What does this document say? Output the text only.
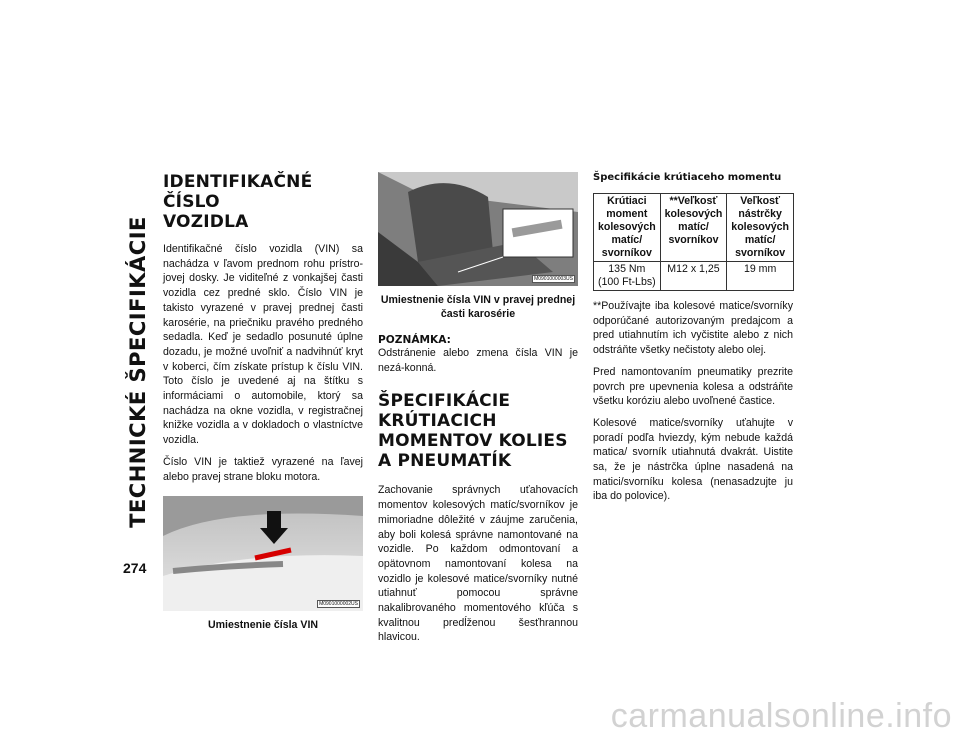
TECHNICKÉ ŠPECIFIKÁCIE
274
IDENTIFIKAČNÉ ČÍSLO
VOZIDLA

Identifikačné číslo vozidla (VIN) sa nachádza v ľavom prednom rohu prístro-jovej dosky. Je viditeľné z vonkajšej časti vozidla cez predné sklo. Číslo VIN je takisto vyrazené v pravej prednej časti karosérie, na priečniku pravého predného sedadla. Keď je sedadlo posunuté úplne dozadu, je možné uvoľniť a nadvihnúť kryt v koberci, čím získate prístup k číslu VIN. Toto číslo je uvedené aj na štítku s informáciami o automobile, ktorý sa nachádza na okne vozidla, v registračnej knižke vozidla a v dokladoch o vlastníctve vozidla.

Číslo VIN je taktiež vyrazené na ľavej alebo pravej strane bloku motora.

M0901000002US
Umiestnenie čísla VIN
M0901000003US
Umiestnenie čísla VIN v pravej prednej
časti karosérie
POZNÁMKA:

Odstránenie alebo zmena čísla VIN je nezá-konná.

ŠPECIFIKÁCIE KRÚTIACICH
MOMENTOV KOLIES
A PNEUMATÍK

Zachovanie správnych uťahovacích momentov kolesových matíc/svorníkov je mimoriadne dôležité v záujme zaručenia, aby boli kolesá správne namontované na vozidle. Po každom odmontovaní a opätovnom namontovaní kolesa na vozidlo je kolesové matice/svorníky nutné utiahnuť pomocou správne nakalibrovaného momentového kľúča s kvalitnou predĺženou šesťhrannou hlavicou.

Špecifikácie krútiaceho momentu
Krútiaci
moment
kolesových
matíc/
svorníkov	**Veľkosť
kolesových
matíc/
svorníkov	Veľkosť
nástrčky
kolesových
matíc/
svorníkov
135 Nm
(100 Ft-Lbs)	M12 x 1,25	19 mm

**Používajte iba kolesové matice/svorníky odporúčané autorizovaným predajcom a pred utiahnutím ich vyčistite alebo z nich odstráňte všetky nečistoty alebo olej.

Pred namontovaním pneumatiky prezrite povrch pre upevnenia kolesa a odstráňte všetku koróziu alebo uvoľnené častice.

Kolesové matice/svorníky uťahujte v poradí podľa hviezdy, kým nebude každá matica/ svorník utiahnutá dvakrát. Uistite sa, že je nástrčka úplne nasadená na matici/svorníku kolesa (nenasadzujte ju iba do polovice).

carmanualsonline.info
